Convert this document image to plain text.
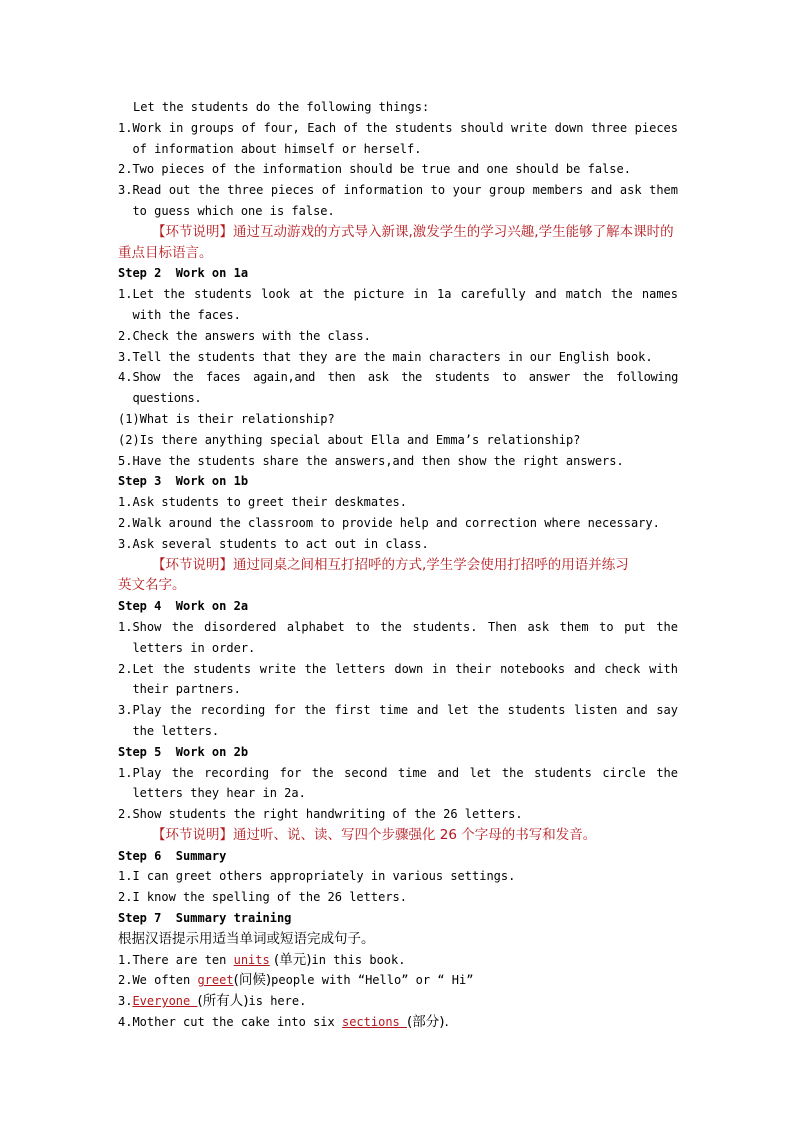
Let the students do the following things:
1. Work in groups of four, Each of the students should write down three pieces of information about himself or herself.
2. Two pieces of the information should be true and one should be false.
3. Read out the three pieces of information to your group members and ask them to guess which one is false.
【环节说明】通过互动游戏的方式导入新课,激发学生的学习兴趣,学生能够了解本课时的重点目标语言。
Step 2  Work on 1a
1. Let the students look at the picture in 1a carefully and match the names with the faces.
2. Check the answers with the class.
3. Tell the students that they are the main characters in our English book.
4. Show the faces again,and then ask the students to answer the following questions.
(1)What is their relationship?
(2)Is there anything special about Ella and Emma’s relationship?
5.Have the students share the answers,and then show the right answers.
Step 3  Work on 1b
1.Ask students to greet their deskmates.
2.Walk around the classroom to provide help and correction where necessary.
3.Ask several students to act out in class.
【环节说明】通过同桌之间相互打招呼的方式,学生学会使用打招呼的用语并练习
英文名字。
Step 4  Work on 2a
1. Show the disordered alphabet to the students. Then ask them to put the letters in order.
2. Let the students write the letters down in their notebooks and check with their partners.
3. Play the recording for the first time and let the students listen and say the letters.
Step 5  Work on 2b
1. Play the recording for the second time and let the students circle the letters they hear in 2a.
2.Show students the right handwriting of the 26 letters.
【环节说明】通过听、说、读、写四个步骤强化 26 个字母的书写和发音。
Step 6  Summary
1.I can greet others appropriately in various settings.
2.I know the spelling of the 26 letters.
Step 7  Summary training
根据汉语提示用适当单词或短语完成句子。
1.There are ten units (单元)in this book.
2.We often greet(问候)people with “Hello” or “ Hi”
3.Everyone (所有人)is here.
4.Mother cut the cake into six sections (部分).
